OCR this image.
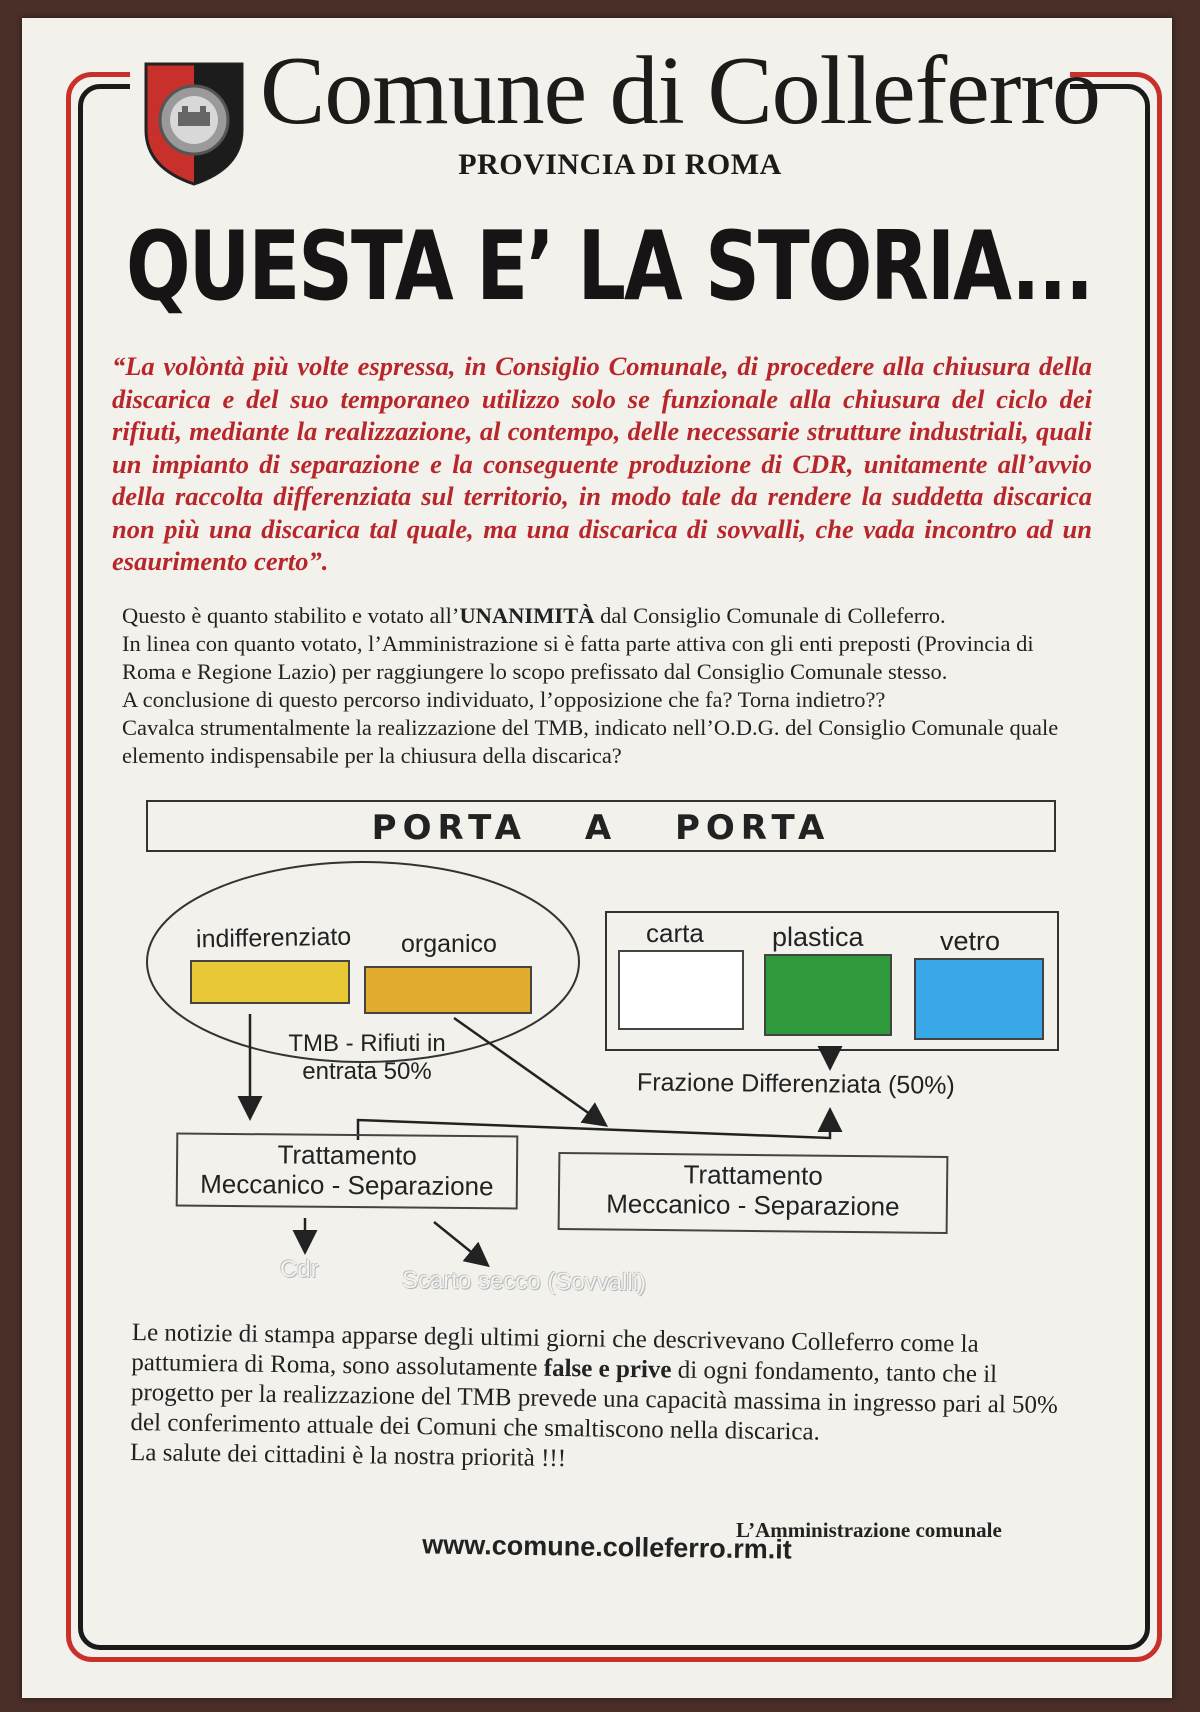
Comune di Colleferro
PROVINCIA DI ROMA
QUESTA E’ LA STORIA...
“La volòntà più volte espressa, in Consiglio Comunale, di procedere alla chiusura della discarica e del suo temporaneo utilizzo solo se funzionale alla chiusura del ciclo dei rifiuti, mediante la realizzazione, al contempo, delle necessarie strutture industriali, quali un impianto di separazione e la conseguente produzione di CDR, unitamente all’avvio della raccolta differenziata sul territorio, in modo tale da rendere la suddetta discarica non più una discarica tal quale, ma una discarica di sovvalli, che vada incontro ad un esaurimento certo”.

Questo è quanto stabilito e votato all’UNANIMITÀ dal Consiglio Comunale di Colleferro.

In linea con quanto votato, l’Amministrazione si è fatta parte attiva con gli enti preposti (Provincia di Roma e Regione Lazio) per raggiungere lo scopo prefissato dal Consiglio Comunale stesso.

A conclusione di questo percorso individuato, l’opposizione che fa? Torna indietro??

Cavalca strumentalmente la realizzazione del TMB, indicato nell’O.D.G. del Consiglio Comunale quale elemento indispensabile per la chiusura della discarica?

PORTA A PORTA
indifferenziato organico
TMB - Rifiuti in
entrata 50%
carta	plastica	vetro
Frazione Differenziata (50%)
Trattamento
Meccanico - Separazione	Trattamento
Meccanico - Separazione
Cdr	Scarto secco (Sovvalli)

Le notizie di stampa apparse degli ultimi giorni che descrivevano Colleferro come la pattumiera di Roma, sono assolutamente false e prive di ogni fondamento, tanto che il progetto per la realizzazione del TMB prevede una capacità massima in ingresso pari al 50% del conferimento attuale dei Comuni che smaltiscono nella discarica.

La salute dei cittadini è la nostra priorità !!!

L’Amministrazione comunale
www.comune.colleferro.rm.it
